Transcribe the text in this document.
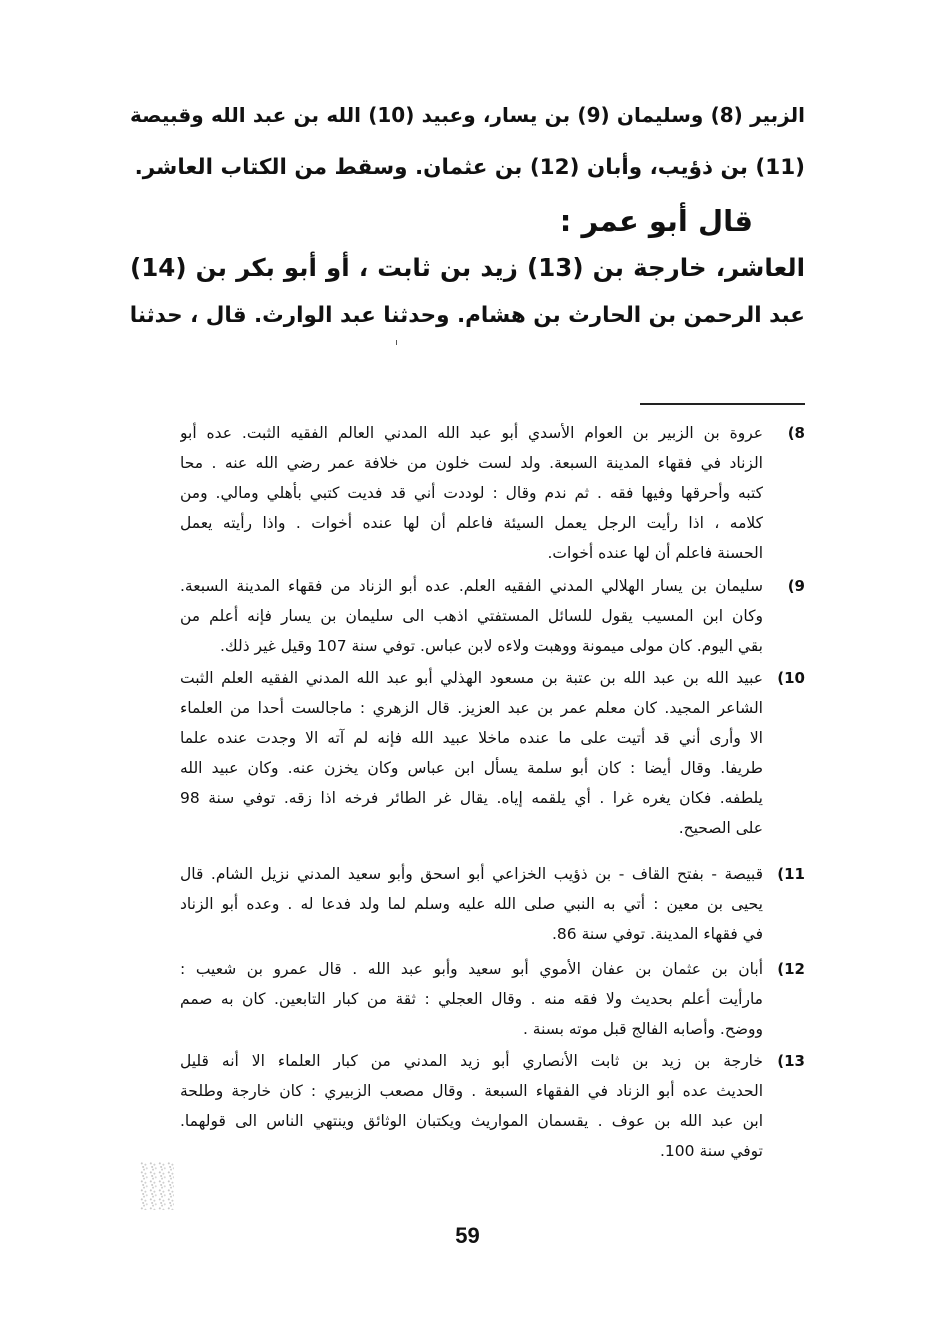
الزبير (8) وسليمان (9) بن يسار، وعبيد (10) الله بن عبد الله وقبيصة
(11) بن ذؤيب، وأبان (12) بن عثمان. وسقط من الكتاب العاشر.
قال أبو عمر :
العاشر، خارجة بن (13) زيد بن ثابت ، أو أبو بكر بن (14)
عبد الرحمن بن الحارث بن هشام. وحدثنا عبد الوارث. قال ، حدثنا
(8
عروة بن الزبير بن العوام الأسدي أبو عبد الله المدني العالم الفقيه الثبت. عده أبو
الزناد في فقهاء المدينة السبعة. ولد لست خلون من خلافة عمر رضي الله عنه . محا
كتبه وأحرقها وفيها فقه . ثم ندم وقال : لوددت أني قد فديت كتبي بأهلي ومالي. ومن
كلامه ، اذا رأيت الرجل يعمل السيئة فاعلم أن لها عنده أخوات . واذا رأيته يعمل
الحسنة فاعلم أن لها عنده أخوات.
(9
سليمان بن يسار الهلالي المدني الفقيه العلم. عده أبو الزناد من فقهاء المدينة السبعة.
وكان ابن المسيب يقول للسائل المستفتي اذهب الى سليمان بن يسار فإنه أعلم من
بقي اليوم. كان مولى ميمونة ووهبت ولاءه لابن عباس. توفي سنة 107 وقيل غير ذلك.
(10
عبيد الله بن عبد الله بن عتبة بن مسعود الهذلي أبو عبد الله المدني الفقيه العلم الثبت
الشاعر المجيد. كان معلم عمر بن عبد العزيز. قال الزهري : ماجالست أحدا من العلماء
الا وأرى أني قد أتيت على ما عنده ماخلا عبيد الله فإنه لم آته الا وجدت عنده علما
طريفا. وقال أيضا : كان أبو سلمة يسأل ابن عباس وكان يخزن عنه. وكان عبيد الله
يلطفه. فكان يغره غرا . أي يلقمه إياه. يقال غر الطائر فرخه اذا زقه. توفي سنة 98
على الصحيح.
(11
قبيصة - بفتح القاف - بن ذؤيب الخزاعي أبو اسحق وأبو سعيد المدني نزيل الشام. قال
يحيى بن معين : أتي به النبي صلى الله عليه وسلم لما ولد فدعا له . وعده أبو الزناد
في فقهاء المدينة. توفي سنة 86.
(12
أبان بن عثمان بن عفان الأموي أبو سعيد وأبو عبد الله . قال عمرو بن شعيب :
مارأيت أعلم بحديث ولا فقه منه . وقال العجلي : ثقة من كبار التابعين. كان به صمم
ووضح. وأصابه الفالج قبل موته بسنة .
(13
خارجة بن زيد بن ثابت الأنصاري أبو زيد المدني من كبار العلماء الا أنه قليل
الحديث عده أبو الزناد في الفقهاء السبعة . وقال مصعب الزبيري : كان خارجة وطلحة
ابن عبد الله بن عوف . يقسمان المواريث ويكتبان الوثائق وينتهي الناس الى قولهما.
توفي سنة 100.
59
